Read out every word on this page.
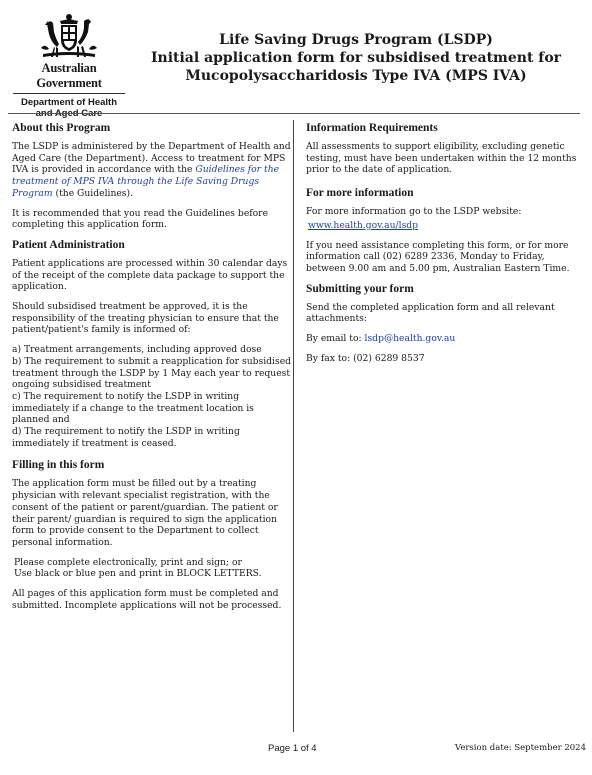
Australian Government
Department of Health
Life Saving Drugs Program (LSDP)
Initial application form for subsidised treatment for
Mucopolysaccharidosis Type IVA (MPS IVA)
About this Program

The LSDP is administered by the Department of Health and Aged Care (the Department). Access to treatment for MPS IVA is provided in accordance with the Guidelines for the treatment of MPS IVA through the Life Saving Drugs Program (the Guidelines).

It is recommended that you read the Guidelines before completing this application form.

Patient Administration

Patient applications are processed within 30 calendar days of the receipt of the complete data package to support the application.

Should subsidised treatment be approved, it is the responsibility of the treating physician to ensure that the patient/patient's family is informed of:

a) Treatment arrangements, including approved dose
b) The requirement to submit a reapplication for subsidised treatment through the LSDP by 1 May each year to request ongoing subsidised treatment
c) The requirement to notify the LSDP in writing immediately if a change to the treatment location is planned and
d) The requirement to notify the LSDP in writing immediately if treatment is ceased.
Filling in this form

The application form must be filled out by a treating physician with relevant specialist registration, with the consent of the patient or parent/guardian. The patient or their parent/ guardian is required to sign the application form to provide consent to the Department to collect personal information.

Please complete electronically, print and sign; or
Use black or blue pen and print in BLOCK LETTERS.

All pages of this application form must be completed and submitted. Incomplete applications will not be processed.

Information Requirements

All assessments to support eligibility, excluding genetic testing, must have been undertaken within the 12 months prior to the date of application.

For more information

For more information go to the LSDP website:

www.health.gov.au/lsdp

If you need assistance completing this form, or for more information call (02) 6289 2336, Monday to Friday, between 9.00 am and 5.00 pm, Australian Eastern Time.

Submitting your form

Send the completed application form and all relevant attachments:

By email to: lsdp@health.gov.au

By fax to: (02) 6289 8537

Page 1 of 4	Version date: September 2024
